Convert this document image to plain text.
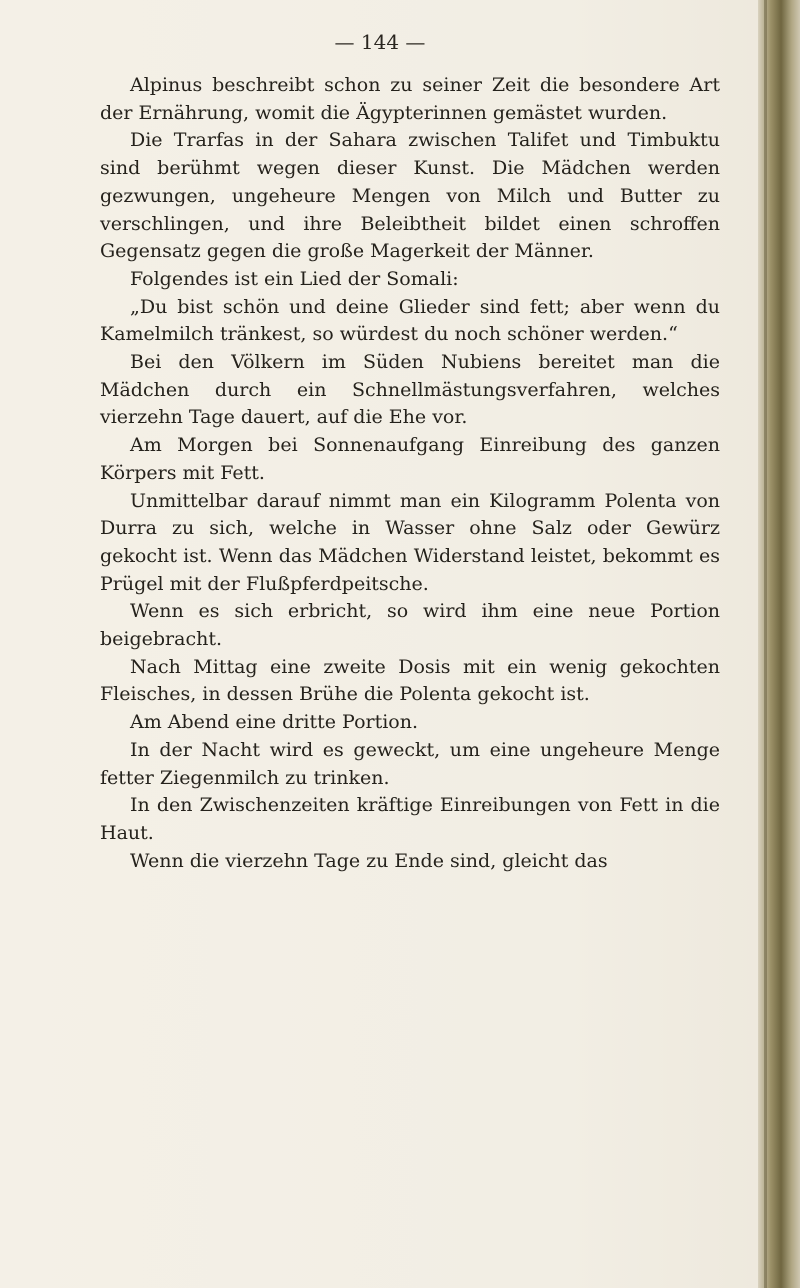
— 144 —

Alpinus beschreibt schon zu seiner Zeit die besondere Art der Ernährung, womit die Ägypterinnen gemästet wurden.

Die Trarfas in der Sahara zwischen Talifet und Timbuktu sind berühmt wegen dieser Kunst. Die Mädchen werden gezwungen, ungeheure Mengen von Milch und Butter zu verschlingen, und ihre Beleibtheit bildet einen schroffen Gegensatz gegen die große Magerkeit der Männer.

Folgendes ist ein Lied der Somali:

„Du bist schön und deine Glieder sind fett; aber wenn du Kamelmilch tränkest, so würdest du noch schöner werden.“

Bei den Völkern im Süden Nubiens bereitet man die Mädchen durch ein Schnellmästungsverfahren, welches vierzehn Tage dauert, auf die Ehe vor.

Am Morgen bei Sonnenaufgang Einreibung des ganzen Körpers mit Fett.

Unmittelbar darauf nimmt man ein Kilogramm Polenta von Durra zu sich, welche in Wasser ohne Salz oder Gewürz gekocht ist. Wenn das Mädchen Widerstand leistet, bekommt es Prügel mit der Flußpferdpeitsche.

Wenn es sich erbricht, so wird ihm eine neue Portion beigebracht.

Nach Mittag eine zweite Dosis mit ein wenig gekochten Fleisches, in dessen Brühe die Polenta gekocht ist.

Am Abend eine dritte Portion.

In der Nacht wird es geweckt, um eine ungeheure Menge fetter Ziegenmilch zu trinken.

In den Zwischenzeiten kräftige Einreibungen von Fett in die Haut.

Wenn die vierzehn Tage zu Ende sind, gleicht das
